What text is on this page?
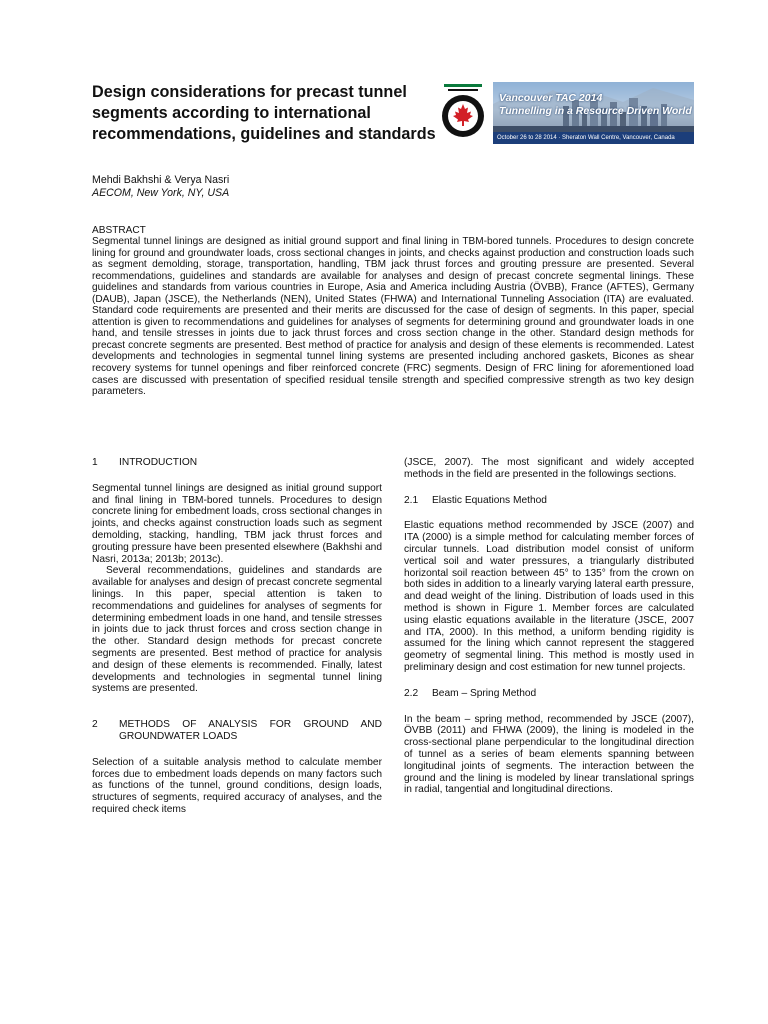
Design considerations for precast tunnel segments according to international recommendations, guidelines and standards
Vancouver TAC 2014
Tunnelling in a Resource Driven World
October 26 to 28 2014 · Sheraton Wall Centre, Vancouver, Canada
Mehdi Bakhshi & Verya Nasri
AECOM, New York, NY, USA
ABSTRACT

Segmental tunnel linings are designed as initial ground support and final lining in TBM-bored tunnels. Procedures to design concrete lining for ground and groundwater loads, cross sectional changes in joints, and checks against production and construction loads such as segment demolding, storage, transportation, handling, TBM jack thrust forces and grouting pressure are presented. Several recommendations, guidelines and standards are available for analyses and design of precast concrete segmental linings. These guidelines and standards from various countries in Europe, Asia and America including Austria (ÖVBB), France (AFTES), Germany (DAUB), Japan (JSCE), the Netherlands (NEN), United States (FHWA) and International Tunneling Association (ITA) are evaluated. Standard code requirements are presented and their merits are discussed for the case of design of segments. In this paper, special attention is given to recommendations and guidelines for analyses of segments for determining ground and groundwater loads in one hand, and tensile stresses in joints due to jack thrust forces and cross section change in the other. Standard design methods for precast concrete segments are presented. Best method of practice for analysis and design of these elements is recommended. Latest developments and technologies in segmental tunnel lining systems are presented including anchored gaskets, Bicones as shear recovery systems for tunnel openings and fiber reinforced concrete (FRC) segments. Design of FRC lining for aforementioned load cases are discussed with presentation of specified residual tensile strength and specified compressive strength as two key design parameters.

1	INTRODUCTION

Segmental tunnel linings are designed as initial ground support and final lining in TBM-bored tunnels. Procedures to design concrete lining for embedment loads, cross sectional changes in joints, and checks against construction loads such as segment demolding, stacking, handling, TBM jack thrust forces and grouting pressure have been presented elsewhere (Bakhshi and Nasri, 2013a; 2013b; 2013c).

Several recommendations, guidelines and standards are available for analyses and design of precast concrete segmental linings. In this paper, special attention is taken to recommendations and guidelines for analyses of segments for determining embedment loads in one hand, and tensile stresses in joints due to jack thrust forces and cross section change in the other. Standard design methods for precast concrete segments are presented. Best method of practice for analysis and design of these elements is recommended. Finally, latest developments and technologies in segmental tunnel lining systems are presented.

2	METHODS OF ANALYSIS FOR GROUND AND GROUNDWATER LOADS

Selection of a suitable analysis method to calculate member forces due to embedment loads depends on many factors such as functions of the tunnel, ground conditions, design loads, structures of segments, required accuracy of analyses, and the required check items

(JSCE, 2007). The most significant and widely accepted methods in the field are presented in the followings sections.

2.1	Elastic Equations Method

Elastic equations method recommended by JSCE (2007) and ITA (2000) is a simple method for calculating member forces of circular tunnels. Load distribution model consist of uniform vertical soil and water pressures, a triangularly distributed horizontal soil reaction between 45° to 135° from the crown on both sides in addition to a linearly varying lateral earth pressure, and dead weight of the lining. Distribution of loads used in this method is shown in Figure 1. Member forces are calculated using elastic equations available in the literature (JSCE, 2007 and ITA, 2000). In this method, a uniform bending rigidity is assumed for the lining which cannot represent the staggered geometry of segmental lining. This method is mostly used in preliminary design and cost estimation for new tunnel projects.

2.2	Beam – Spring Method

In the beam – spring method, recommended by JSCE (2007), ÖVBB (2011) and FHWA (2009), the lining is modeled in the cross-sectional plane perpendicular to the longitudinal direction of tunnel as a series of beam elements spanning between longitudinal joints of segments. The interaction between the ground and the lining is modeled by linear translational springs in radial, tangential and longitudinal directions.
